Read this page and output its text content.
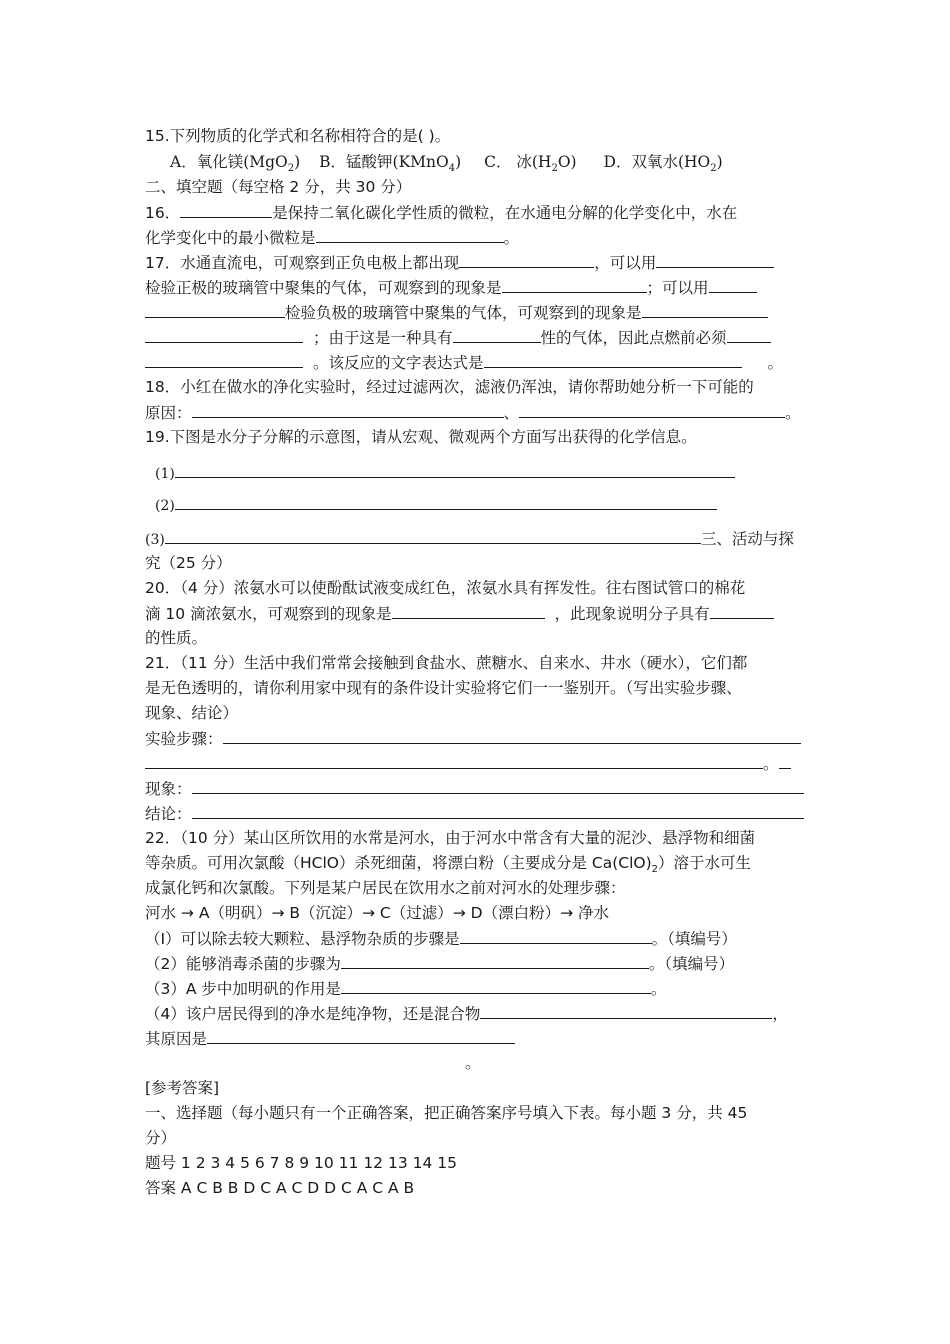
15.下列物质的化学式和名称相符合的是( )。
A．氧化镁(MgO$_2$) B．锰酸钾(KMnO$_4$) C． 冰$(H_2O)$ D．双氧水$(HO_2)$
二、填空题（每空格 2 分，共 30 分）
16．	是保持二氧化碳化学性质的微粒，在水通电分解的化学变化中，水在
化学变化中的最小微粒是	。
17．水通直流电，可观察到正负电极上都出现	，可以用
检验正极的玻璃管中聚集的气体，可观察到的现象是	；可以用
检验负极的玻璃管中聚集的气体，可观察到的现象是
；由于这是一种具有	性的气体，因此点燃前必须
。该反应的文字表达式是	。
18．小红在做水的净化实验时，经过过滤两次，滤液仍浑浊，请你帮助她分析一下可能的
原因：	、	。
19.下图是水分子分解的示意图，请从宏观、微观两个方面写出获得的化学信息。
(1)
(2)
(3)	三、活动与探
究（25 分）
20．（4 分）浓氨水可以使酚酞试液变成红色，浓氨水具有挥发性。往右图试管口的棉花
滴 10 滴浓氨水，可观察到的现象是	，此现象说明分子具有
的性质。
21．（11 分）生活中我们常常会接触到食盐水、蔗糖水、自来水、井水（硬水），它们都
是无色透明的，请你利用家中现有的条件设计实验将它们一一鉴别开。（写出实验步骤、
现象、结论）
实验步骤：
。
现象：
结论：
22．（10 分）某山区所饮用的水常是河水，由于河水中常含有大量的泥沙、悬浮物和细菌
等杂质。可用次氯酸（HClO）杀死细菌，将漂白粉（主要成分是 $Ca(ClO)_2$）溶于水可生
成氯化钙和次氯酸。下列是某户居民在饮用水之前对河水的处理步骤：
河水 → A（明矾）→ B（沉淀）→ C（过滤）→ D（漂白粉）→ 净水
（I）可以除去较大颗粒、悬浮物杂质的步骤是	。（填编号）
（2）能够消毒杀菌的步骤为	。（填编号）
（3）A 步中加明矾的作用是	。
（4）该户居民得到的净水是纯净物，还是混合物	，
其原因是
。
[参考答案]
一、选择题（每小题只有一个正确答案，把正确答案序号填入下表。每小题 3 分，共 45
分）
题号 1 2 3 4 5 6 7 8 9 10 11 12 13 14 15
答案 A C B B D C A C D D C A C A B
